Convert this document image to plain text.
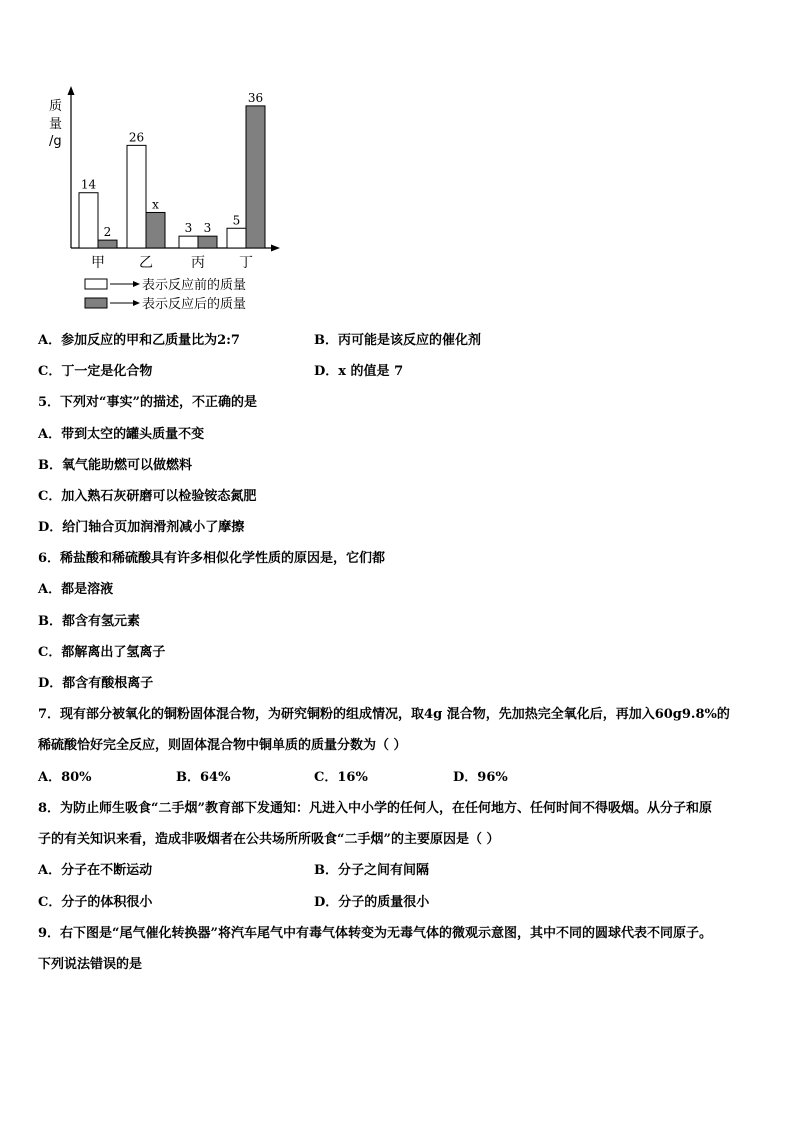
质
量
/g
14
26
3
5
2
x
3
36
甲 乙	丙 丁
表示反应前的质量
表示反应后的质量
A．参加反应的甲和乙质量比为2:7	B．丙可能是该反应的催化剂
C．丁一定是化合物	D．x 的值是 7
5．下列对“事实”的描述，不正确的是
A．带到太空的罐头质量不变
B．氧气能助燃可以做燃料
C．加入熟石灰研磨可以检验铵态氮肥
D．给门轴合页加润滑剂减小了摩擦
6．稀盐酸和稀硫酸具有许多相似化学性质的原因是，它们都
A．都是溶液
B．都含有氢元素
C．都解离出了氢离子
D．都含有酸根离子
7．现有部分被氧化的铜粉固体混合物，为研究铜粉的组成情况，取4g 混合物，先加热完全氧化后，再加入60g9.8%的
稀硫酸恰好完全反应，则固体混合物中铜单质的质量分数为（ ）
A．80%	B．64%	C．16%	D．96%
8．为防止师生吸食“二手烟”教育部下发通知：凡进入中小学的任何人，在任何地方、任何时间不得吸烟。从分子和原
子的有关知识来看，造成非吸烟者在公共场所所吸食“二手烟”的主要原因是（ ）
A．分子在不断运动	B．分子之间有间隔
C．分子的体积很小	D．分子的质量很小
9．右下图是“尾气催化转换器”将汽车尾气中有毒气体转变为无毒气体的微观示意图，其中不同的圆球代表不同原子。
下列说法错误的是
